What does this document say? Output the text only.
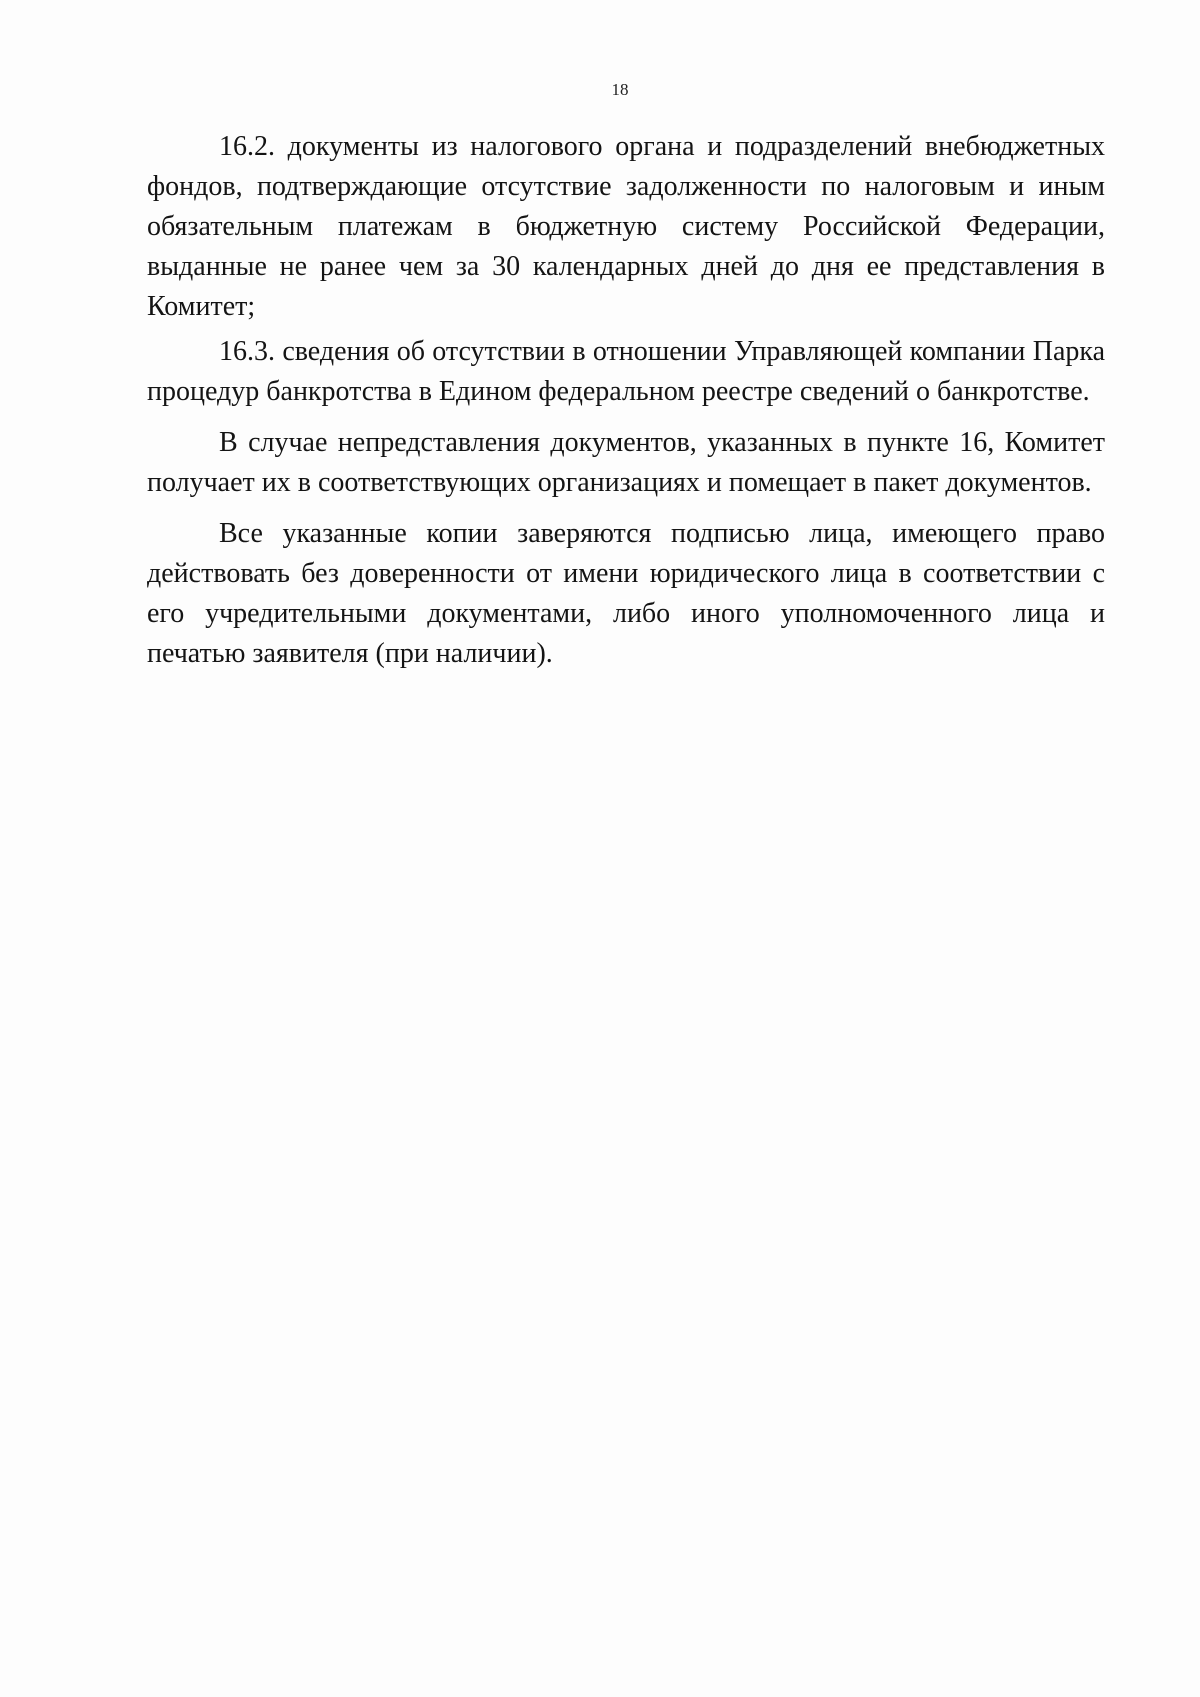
18

16.2. документы из налогового органа и подразделений внебюджетных фондов, подтверждающие отсутствие задолженности по налоговым и иным обязательным платежам в бюджетную систему Российской Федерации, выданные не ранее чем за 30 календарных дней до дня ее представления в Комитет;

16.3. сведения об отсутствии в отношении Управляющей компании Парка процедур банкротства в Едином федеральном реестре сведений о банкротстве.

В случае непредставления документов, указанных в пункте 16, Комитет получает их в соответствующих организациях и помещает в пакет документов.

Все указанные копии заверяются подписью лица, имеющего право действовать без доверенности от имени юридического лица в соответствии с его учредительными документами, либо иного уполномоченного лица и печатью заявителя (при наличии).
